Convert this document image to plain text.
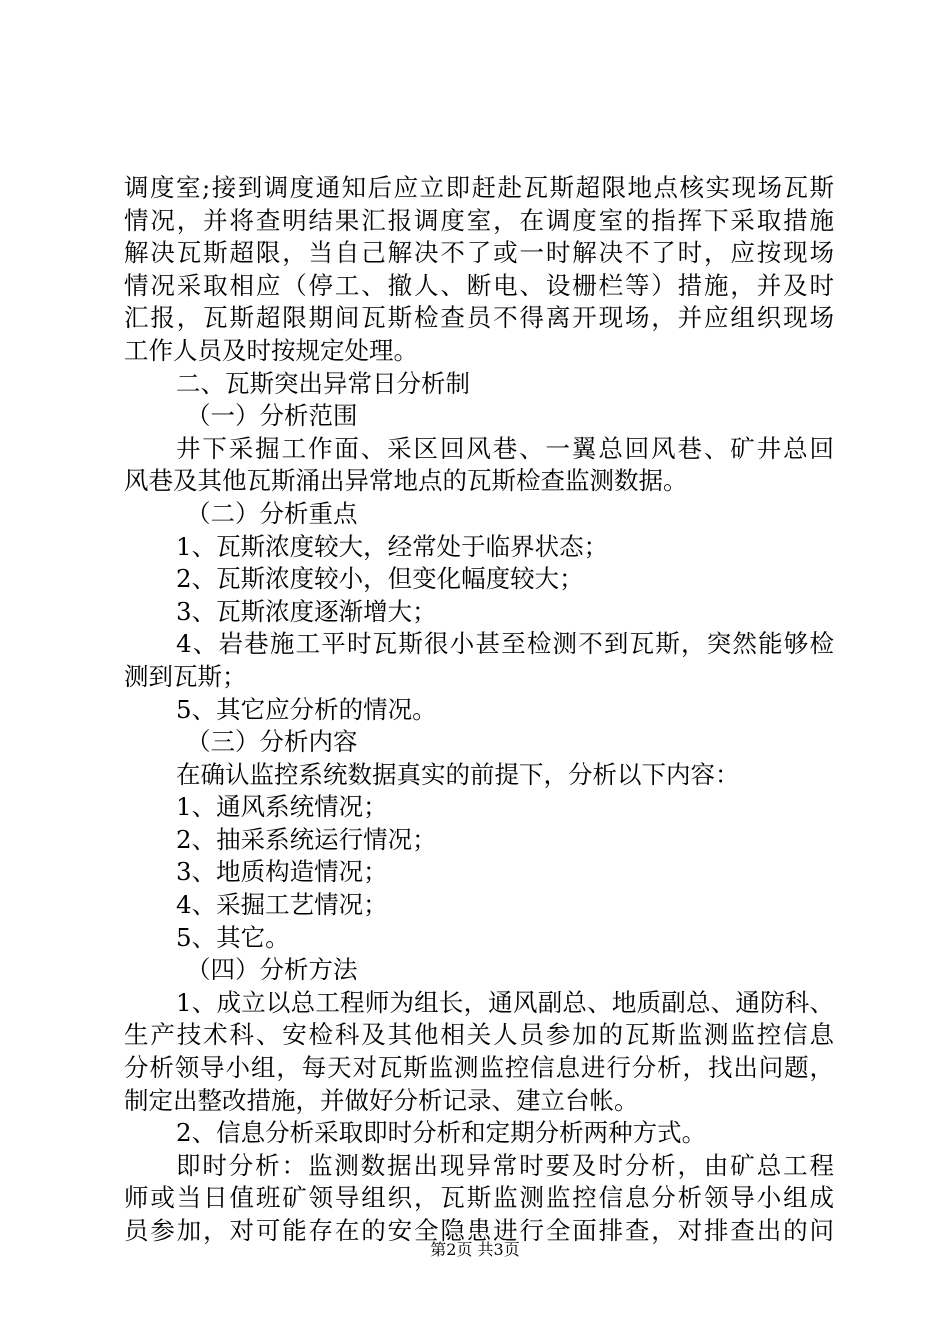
调度室;接到调度通知后应立即赶赴瓦斯超限地点核实现场瓦斯
情况，并将查明结果汇报调度室，在调度室的指挥下采取措施
解决瓦斯超限，当自己解决不了或一时解决不了时，应按现场
情况采取相应（停工、撤人、断电、设栅栏等）措施，并及时
汇报，瓦斯超限期间瓦斯检查员不得离开现场，并应组织现场
工作人员及时按规定处理。
二、瓦斯突出异常日分析制
（一）分析范围
井下采掘工作面、采区回风巷、一翼总回风巷、矿井总回
风巷及其他瓦斯涌出异常地点的瓦斯检查监测数据。
（二）分析重点
1、瓦斯浓度较大，经常处于临界状态；
2、瓦斯浓度较小，但变化幅度较大；
3、瓦斯浓度逐渐增大；
4、岩巷施工平时瓦斯很小甚至检测不到瓦斯，突然能够检
测到瓦斯；
5、其它应分析的情况。
（三）分析内容
在确认监控系统数据真实的前提下，分析以下内容：
1、通风系统情况；
2、抽采系统运行情况；
3、地质构造情况；
4、采掘工艺情况；
5、其它。
（四）分析方法
1、成立以总工程师为组长，通风副总、地质副总、通防科、
生产技术科、安检科及其他相关人员参加的瓦斯监测监控信息
分析领导小组，每天对瓦斯监测监控信息进行分析，找出问题，
制定出整改措施，并做好分析记录、建立台帐。
2、信息分析采取即时分析和定期分析两种方式。
即时分析：监测数据出现异常时要及时分析，由矿总工程
师或当日值班矿领导组织，瓦斯监测监控信息分析领导小组成
员参加，对可能存在的安全隐患进行全面排查，对排查出的问
第2页 共3页
